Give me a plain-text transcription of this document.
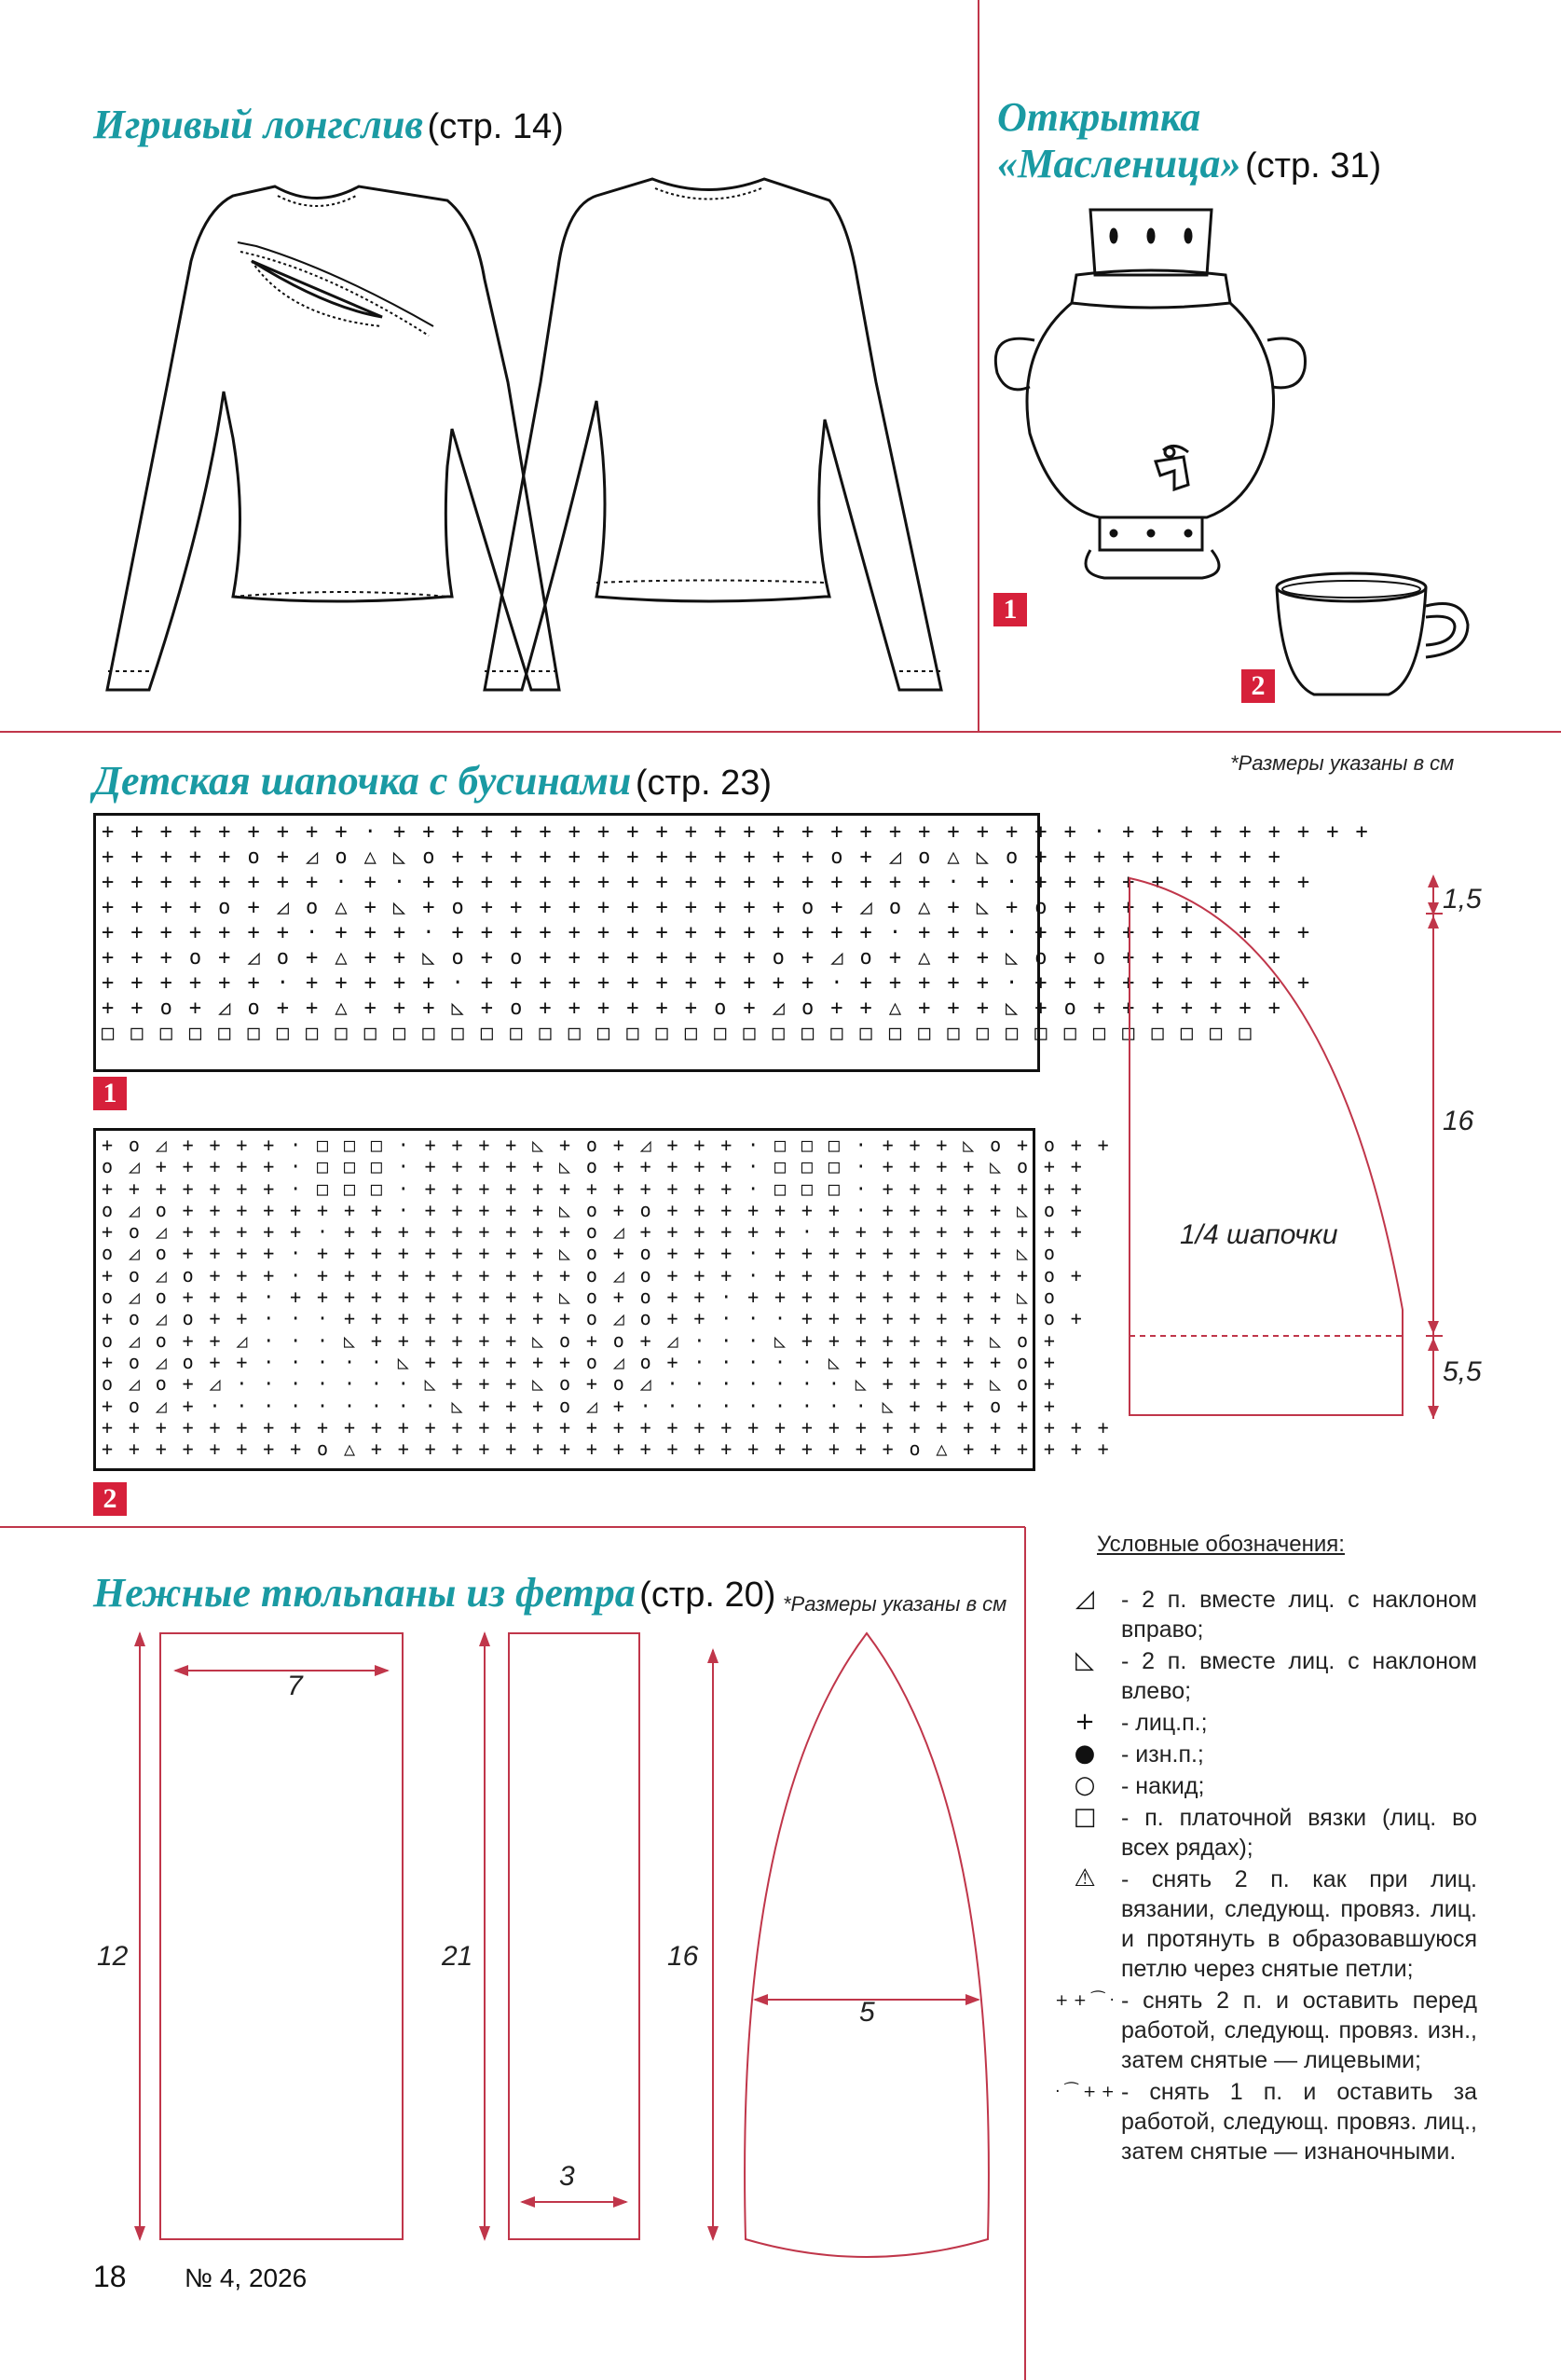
Игривый лонгслив (стр. 14)	Открытка
«Масленица» (стр. 31)
1
2
Детская шапочка с бусинами (стр. 23)
*Размеры указаны в см
+ + + + + + + + + · + + + + + + + + + + + + + + + + + + + + + + + + · + + + + + + + + +
+ + + + + o + ◿ o △ ◺ o + + + + + + + + + + + + + o + ◿ o △ ◺ o + + + + + + + + +
+ + + + + + + + · + · + + + + + + + + + + + + + + + + + + · + · + + + + + + + + + +
+ + + + o + ◿ o △ + ◺ + o + + + + + + + + + + + o + ◿ o △ + ◺ + o + + + + + + + +
+ + + + + + + · + + + · + + + + + + + + + + + + + + + · + + + · + + + + + + + + + +
+ + + o + ◿ o + △ + + ◺ o + o + + + + + + + + o + ◿ o + △ + + ◺ o + o + + + + + +
+ + + + + + · + + + + + · + + + + + + + + + + + + · + + + + + · + + + + + + + + + +
+ + o + ◿ o + + △ + + + ◺ + o + + + + + + o + ◿ o + + △ + + + ◺ + o + + + + + + +
□ □ □ □ □ □ □ □ □ □ □ □ □ □ □ □ □ □ □ □ □ □ □ □ □ □ □ □ □ □ □ □ □ □ □ □ □ □ □ □
1
+ o ◿ + + + + · □ □ □ · + + + + ◺ + o + ◿ + + + · □ □ □ · + + + ◺ o + o + +
o ◿ + + + + + · □ □ □ · + + + + + ◺ o + + + + + · □ □ □ · + + + + ◺ o + +
+ + + + + + + · □ □ □ · + + + + + + + + + + + + · □ □ □ · + + + + + + + +
o ◿ o + + + + + + + + · + + + + + ◺ o + o + + + + + + + · + + + + + ◺ o +
+ o ◿ + + + + + · + + + + + + + + + o ◿ + + + + + + · + + + + + + + + + +
o ◿ o + + + + · + + + + + + + + + ◺ o + o + + + · + + + + + + + + + ◺ o
+ o ◿ o + + + · + + + + + + + + + + o ◿ o + + + · + + + + + + + + + + o +
o ◿ o + + + · + + + + + + + + + + ◺ o + o + + · + + + + + + + + + + ◺ o
+ o ◿ o + + · · · + + + + + + + + + o ◿ o + + · · · + + + + + + + + + o +
o ◿ o + + ◿ · · · ◺ + + + + + + ◺ o + o + ◿ · · · ◺ + + + + + + + ◺ o +
+ o ◿ o + + · · · · · ◺ + + + + + + o ◿ o + · · · · · ◺ + + + + + + o +
o ◿ o + ◿ · · · · · · · ◺ + + + ◺ o + o ◿ · · · · · · · ◺ + + + + ◺ o +
+ o ◿ + · · · · · · · · · ◺ + + + o ◿ + · · · · · · · · · ◺ + + + o + +
+ + + + + + + + + + + + + + + + + + + + + + + + + + + + + + + + + + + + + +
+ + + + + + + + o △ + + + + + + + + + + + + + + + + + + + + o △ + + + + + +
2
1/4 шапочки
1,5
16
5,5
Нежные тюльпаны из фетра (стр. 20) *Размеры указаны в см
7
12	21
3
16
5
Условные обозначения:
◿	- 2 п. вместе лиц. с наклоном вправо;
◺	- 2 п. вместе лиц. с наклоном влево;
+	- лиц.п.;
●	- изн.п.;
○	- накид;
□	- п. платочной вязки (лиц. во всех рядах);
⚠	- снять 2 п. как при лиц. вязании, следующ. провяз. лиц. и протянуть в образовавшуюся петлю через снятые петли;
+ + ⁀ · - снять 2 п. и оставить перед работой, следующ. провяз. изн., затем снятые — лицевыми;
· ⁀ + + - снять 1 п. и оставить за работой, следующ. провяз. лиц., затем снятые — изнаночными.
18 № 4, 2026
